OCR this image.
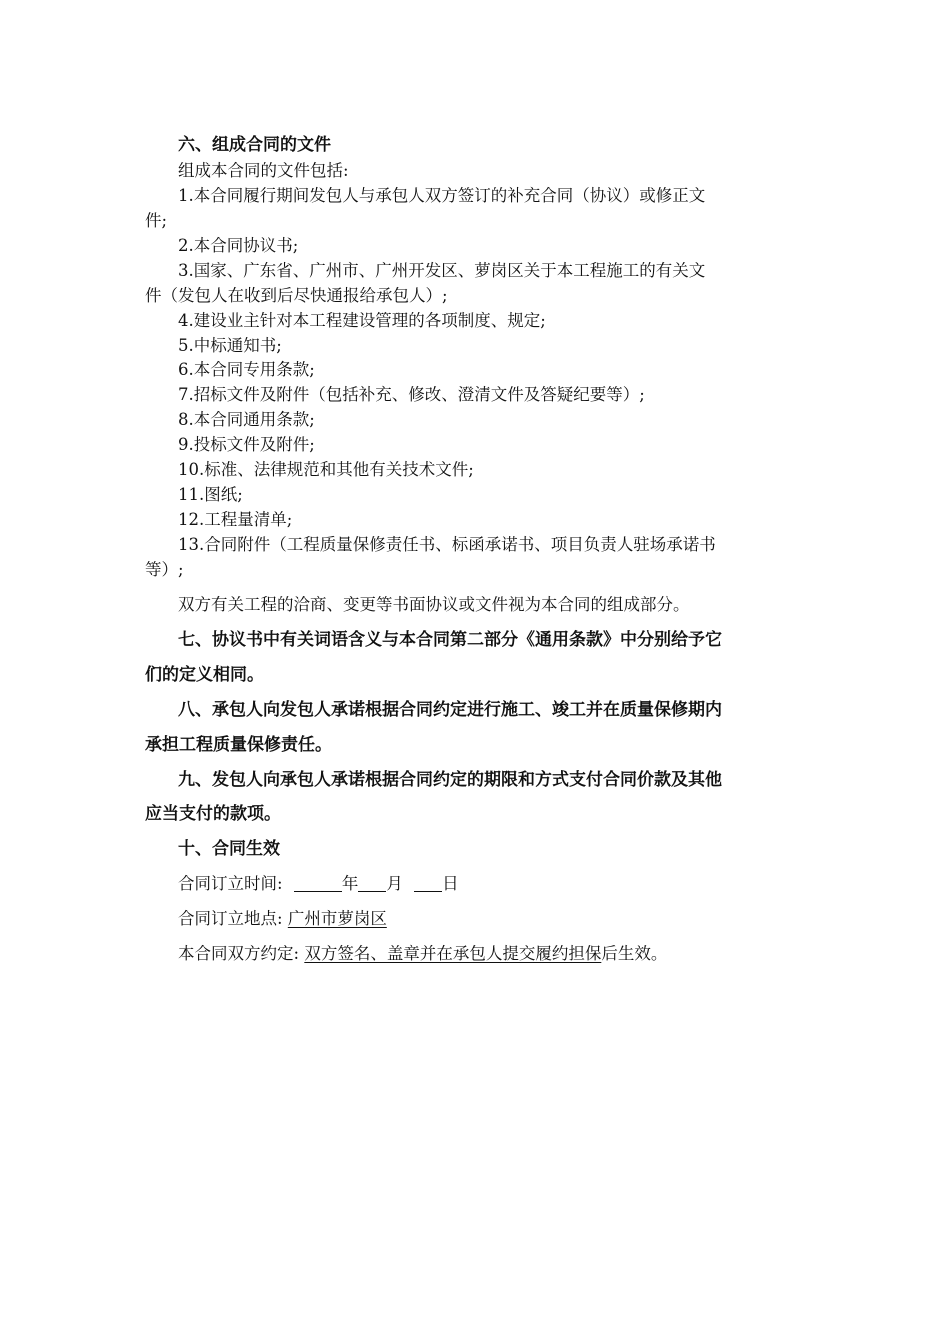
六、组成合同的文件
组成本合同的文件包括:
1.本合同履行期间发包人与承包人双方签订的补充合同（协议）或修正文
件;
2.本合同协议书;
3.国家、广东省、广州市、广州开发区、萝岗区关于本工程施工的有关文
件（发包人在收到后尽快通报给承包人）;
4.建设业主针对本工程建设管理的各项制度、规定;
5.中标通知书;
6.本合同专用条款;
7.招标文件及附件（包括补充、修改、澄清文件及答疑纪要等）;
8.本合同通用条款;
9.投标文件及附件;
10.标准、法律规范和其他有关技术文件;
11.图纸;
12.工程量清单;
13.合同附件（工程质量保修责任书、标函承诺书、项目负责人驻场承诺书
等）;
双方有关工程的洽商、变更等书面协议或文件视为本合同的组成部分。
七、协议书中有关词语含义与本合同第二部分《通用条款》中分别给予它
们的定义相同。
八、承包人向发包人承诺根据合同约定进行施工、竣工并在质量保修期内
承担工程质量保修责任。
九、发包人向承包人承诺根据合同约定的期限和方式支付合同价款及其他
应当支付的款项。
十、合同生效
合同订立时间:	年 月 日
合同订立地点: 广州市萝岗区
本合同双方约定: 双方签名、盖章并在承包人提交履约担保后生效。
